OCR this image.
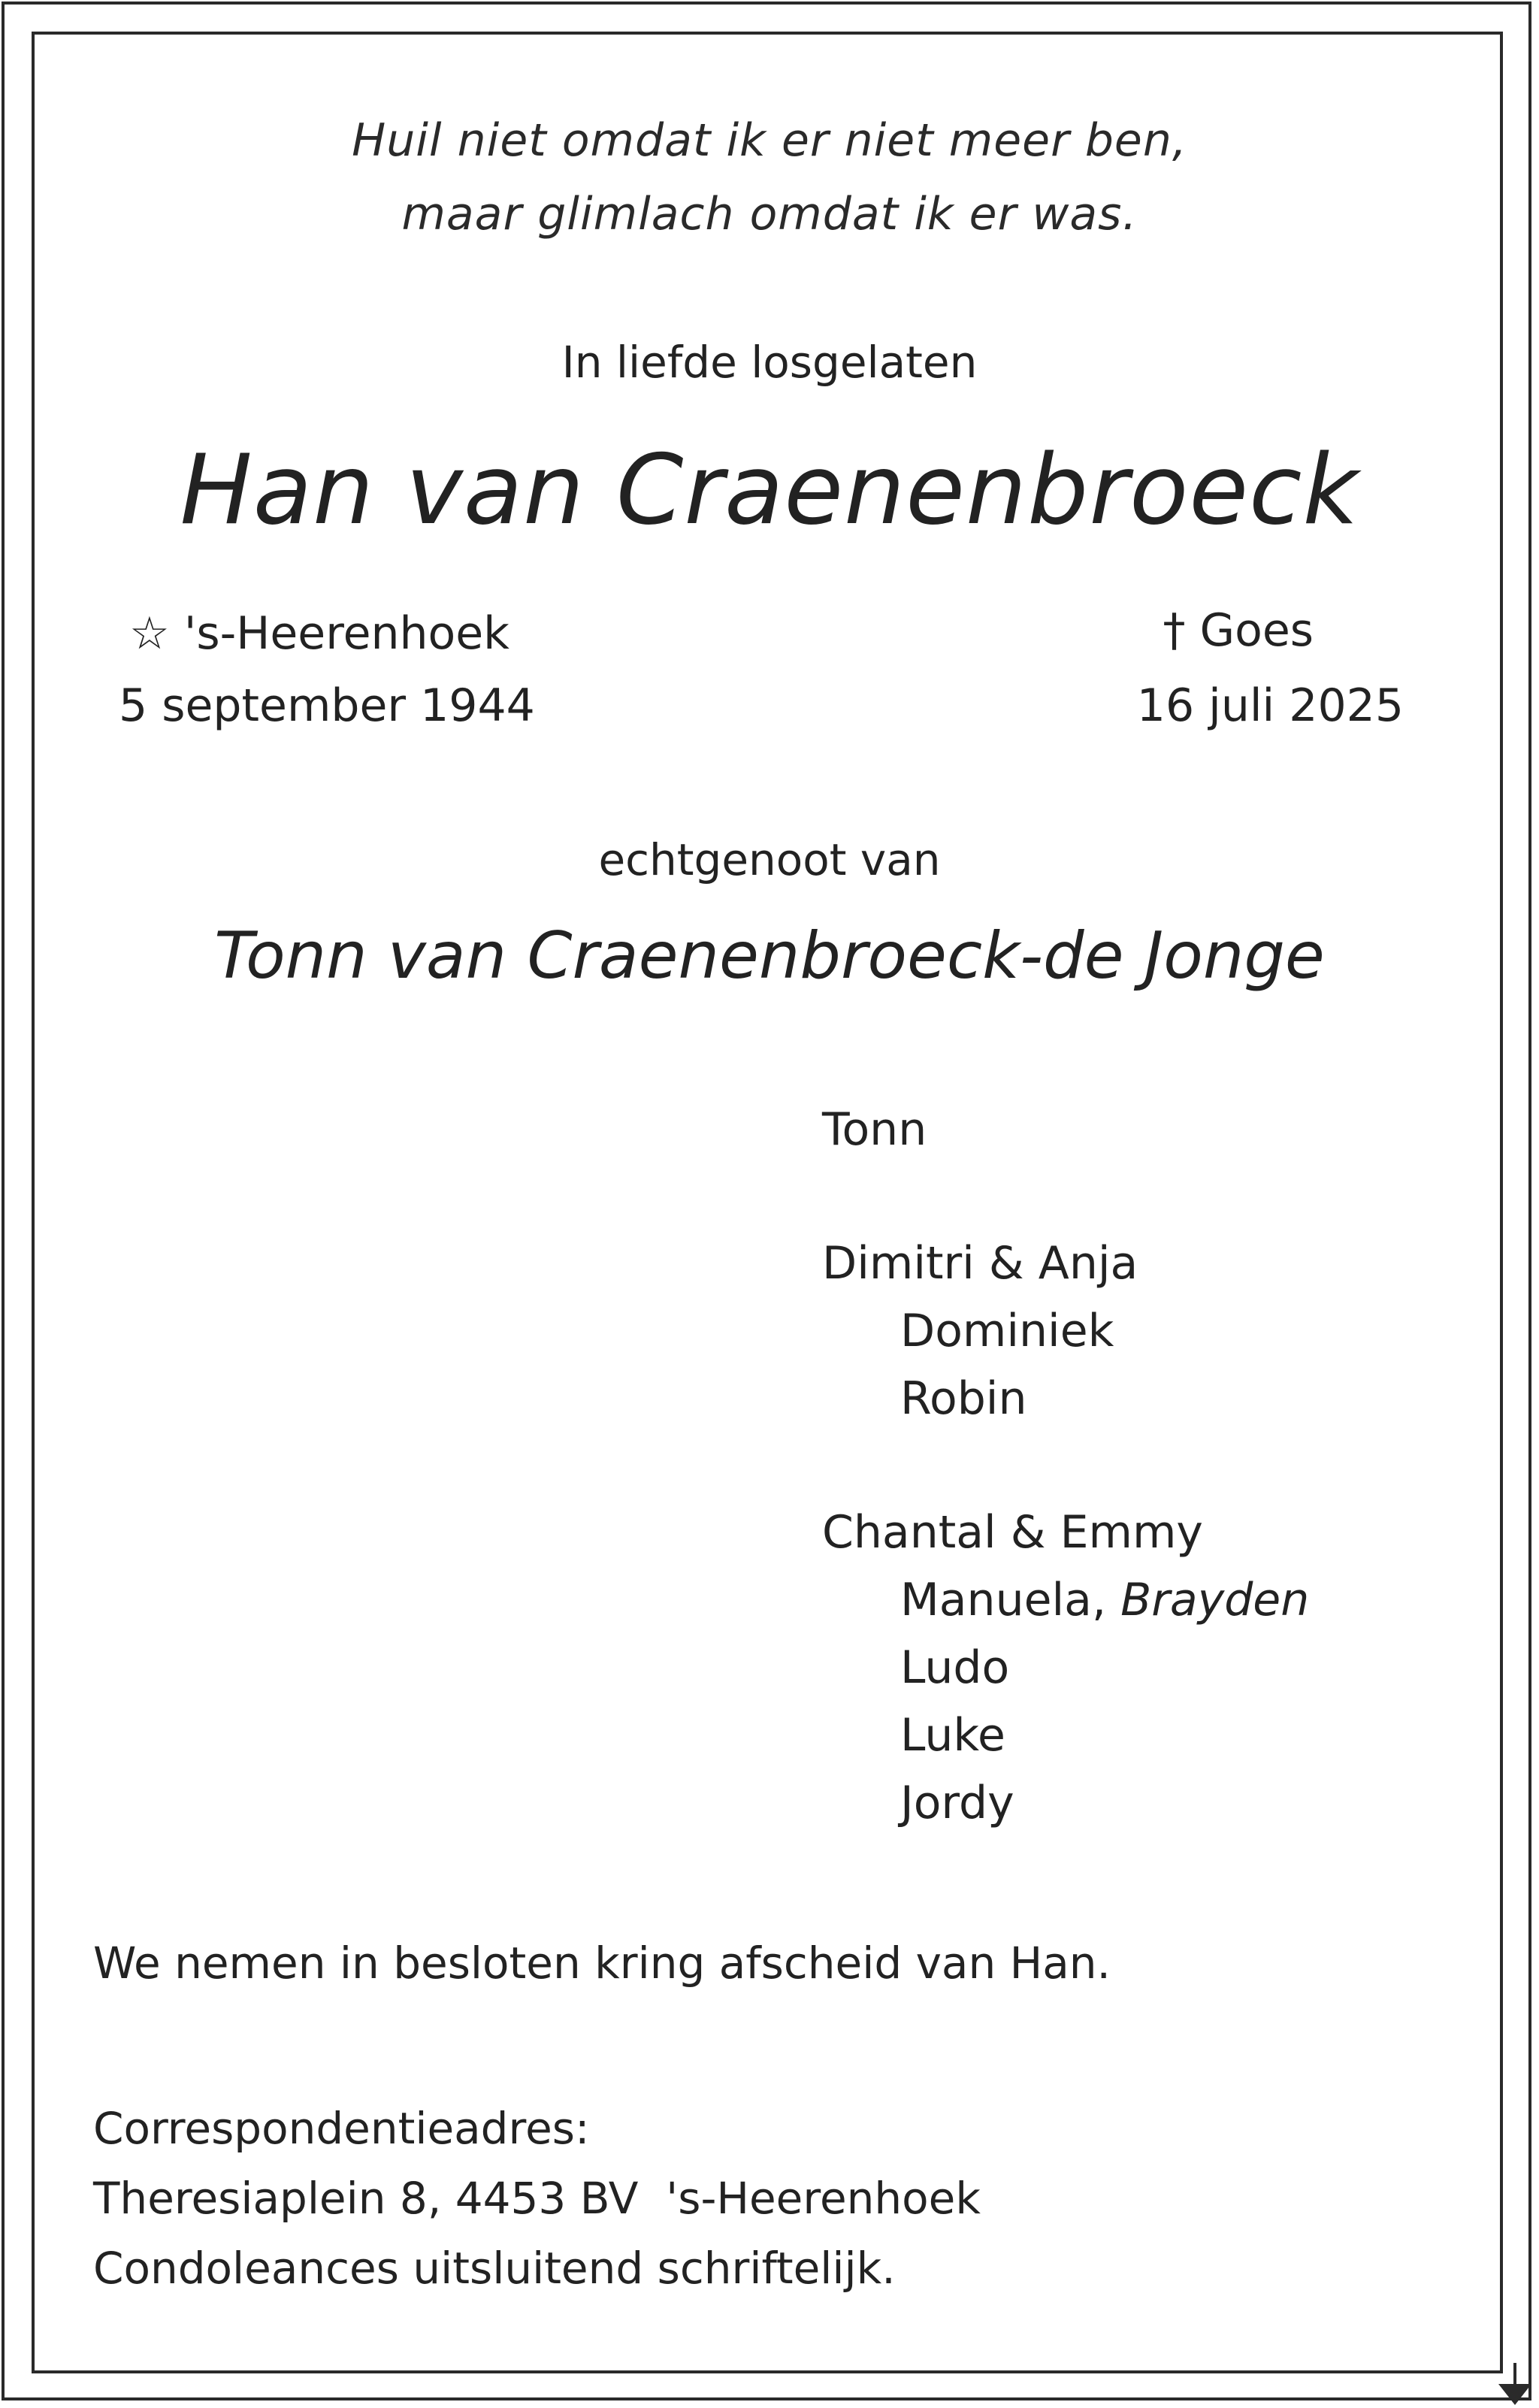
Huil niet omdat ik er niet meer ben,
maar glimlach omdat ik er was.
In liefde losgelaten
Han van Craenenbroeck
☆ 's-Heerenhoek
5 september 1944
† Goes
16 juli 2025
echtgenoot van
Tonn van Craenenbroeck-de Jonge
Tonn
Dimitri & Anja
Dominiek
Robin
Chantal & Emmy
Manuela, Brayden
Ludo
Luke
Jordy
We nemen in besloten kring afscheid van Han.
Correspondentieadres:
Theresiaplein 8, 4453 BV  's-Heerenhoek
Condoleances uitsluitend schriftelijk.
